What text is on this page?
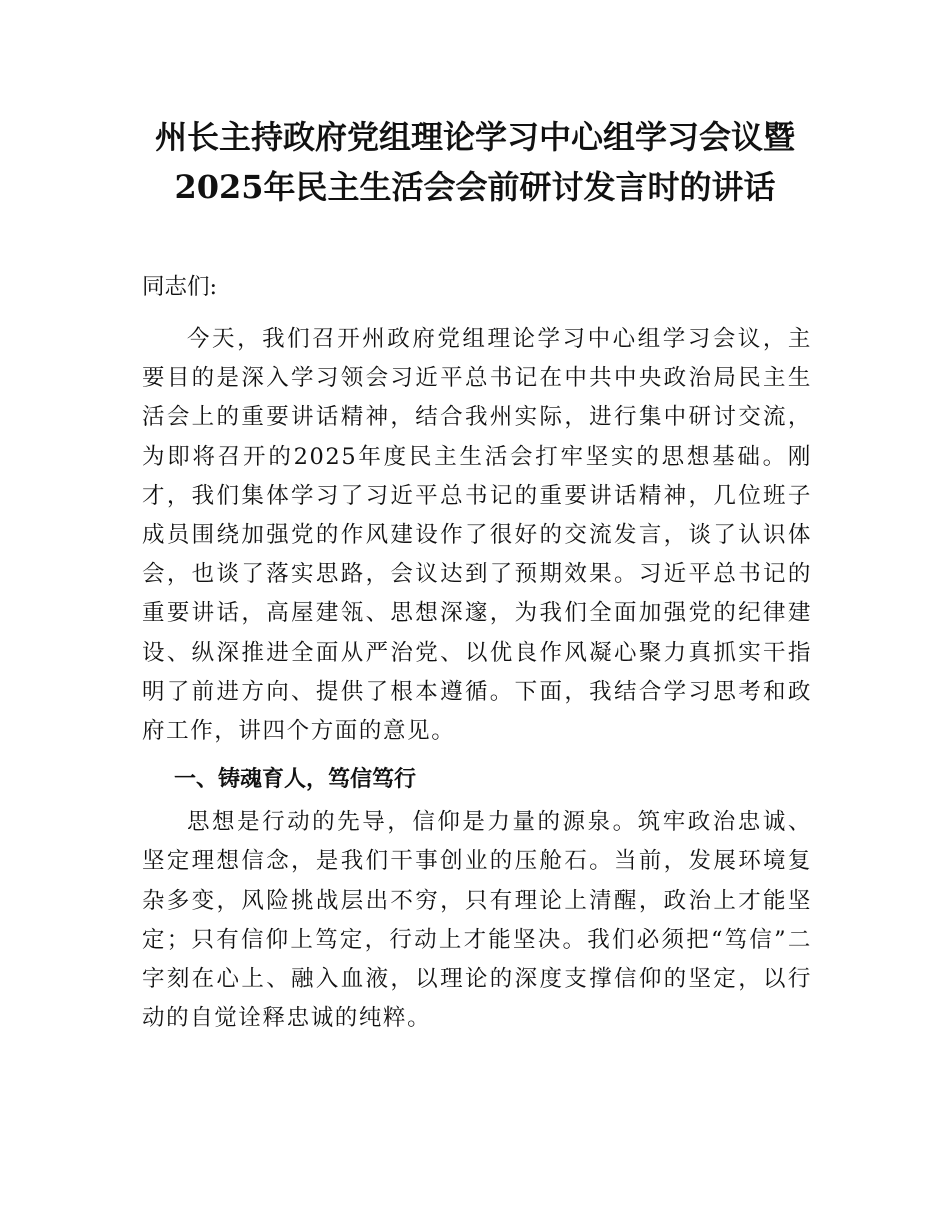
州长主持政府党组理论学习中心组学习会议暨
2025年民主生活会会前研讨发言时的讲话
同志们:

今天，我们召开州政府党组理论学习中心组学习会议，主要目的是深入学习领会习近平总书记在中共中央政治局民主生活会上的重要讲话精神，结合我州实际，进行集中研讨交流，为即将召开的2025年度民主生活会打牢坚实的思想基础。刚才，我们集体学习了习近平总书记的重要讲话精神，几位班子成员围绕加强党的作风建设作了很好的交流发言，谈了认识体会，也谈了落实思路，会议达到了预期效果。习近平总书记的重要讲话，高屋建瓴、思想深邃，为我们全面加强党的纪律建设、纵深推进全面从严治党、以优良作风凝心聚力真抓实干指明了前进方向、提供了根本遵循。下面，我结合学习思考和政府工作，讲四个方面的意见。

一、铸魂育人，笃信笃行

思想是行动的先导，信仰是力量的源泉。筑牢政治忠诚、坚定理想信念，是我们干事创业的压舱石。当前，发展环境复杂多变，风险挑战层出不穷，只有理论上清醒，政治上才能坚定；只有信仰上笃定，行动上才能坚决。我们必须把“笃信”二字刻在心上、融入血液，以理论的深度支撑信仰的坚定，以行动的自觉诠释忠诚的纯粹。
